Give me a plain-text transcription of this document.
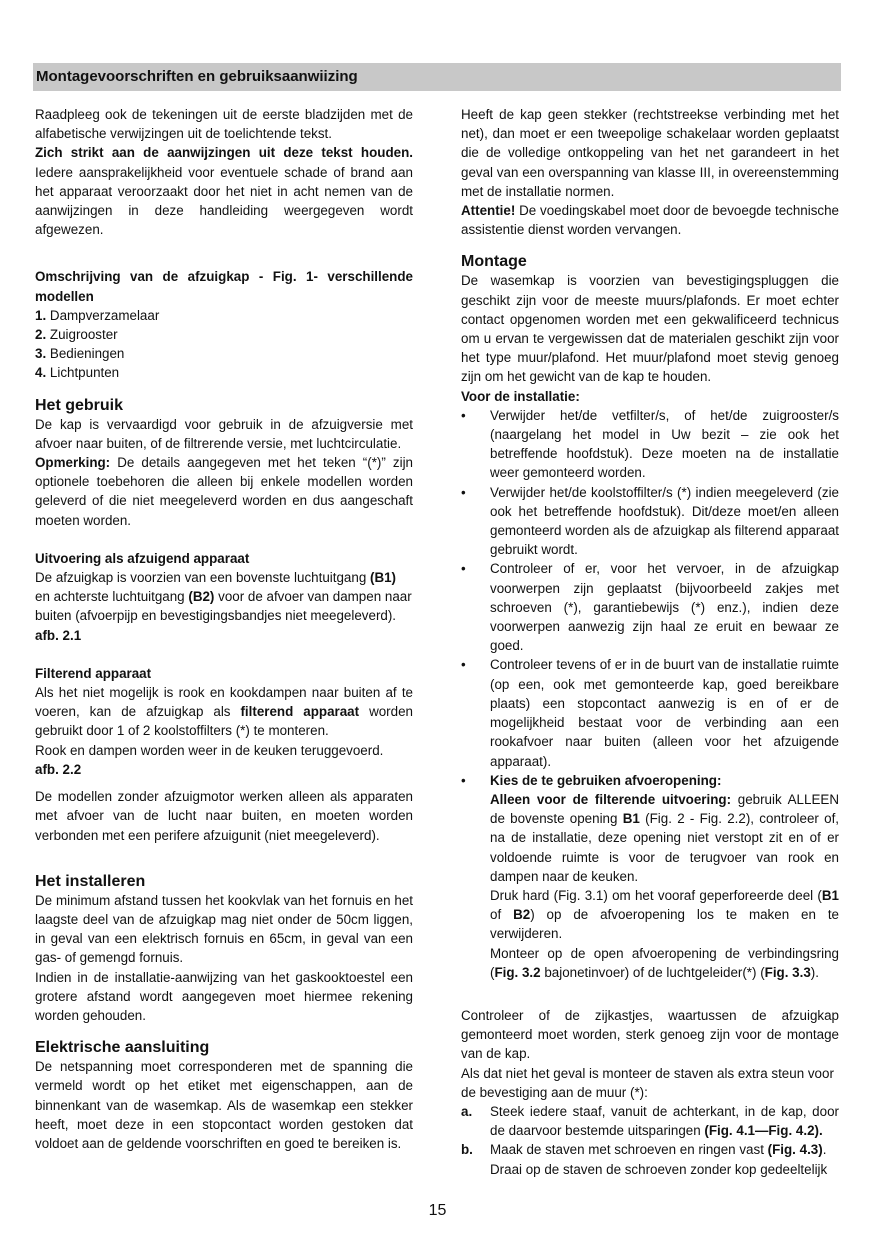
Montagevoorschriften en gebruiksaanwiizing

Raadpleeg ook de tekeningen uit de eerste bladzijden met de alfabetische verwijzingen uit de toelichtende tekst.

Zich strikt aan de aanwijzingen uit deze tekst houden. Iedere aansprakelijkheid voor eventuele schade of brand aan het apparaat veroorzaakt door het niet in acht nemen van de aanwijzingen in deze handleiding weergegeven wordt afgewezen.

Omschrijving van de afzuigkap - Fig. 1- verschillende modellen
1. Dampverzamelaar
2. Zuigrooster
3. Bedieningen
4. Lichtpunten
Het gebruik

De kap is vervaardigd voor gebruik in de afzuigversie met afvoer naar buiten, of de filtrerende versie, met luchtcirculatie.

Opmerking: De details aangegeven met het teken “(*)” zijn optionele toebehoren die alleen bij enkele modellen worden geleverd of die niet meegeleverd worden en dus aangeschaft moeten worden.

Uitvoering als afzuigend apparaat

De afzuigkap is voorzien van een bovenste luchtuitgang (B1) en achterste luchtuitgang (B2) voor de afvoer van dampen naar buiten (afvoerpijp en bevestigingsbandjes niet meegeleverd). afb. 2.1

Filterend apparaat

Als het niet mogelijk is rook en kookdampen naar buiten af te voeren, kan de afzuigkap als filterend apparaat worden gebruikt door 1 of 2 koolstoffilters (*) te monteren.

Rook en dampen worden weer in de keuken teruggevoerd.

afb. 2.2

De modellen zonder afzuigmotor werken alleen als apparaten met afvoer van de lucht naar buiten, en moeten worden verbonden met een perifere afzuigunit (niet meegeleverd).

Het installeren

De minimum afstand tussen het kookvlak van het fornuis en het laagste deel van de afzuigkap mag niet onder de 50cm liggen, in geval van een elektrisch fornuis en 65cm, in geval van een gas- of gemengd fornuis.

Indien in de installatie-aanwijzing van het gaskooktoestel een grotere afstand wordt aangegeven moet hiermee rekening worden gehouden.

Elektrische aansluiting

De netspanning moet corresponderen met de spanning die vermeld wordt op het etiket met eigenschappen, aan de binnenkant van de wasemkap. Als de wasemkap een stekker heeft, moet deze in een stopcontact worden gestoken dat voldoet aan de geldende voorschriften en goed te bereiken is.

Heeft de kap geen stekker (rechtstreekse verbinding met het net), dan moet er een tweepolige schakelaar worden geplaatst die de volledige ontkoppeling van het net garandeert in het geval van een overspanning van klasse III, in overeenstemming met de installatie normen.

Attentie! De voedingskabel moet door de bevoegde technische assistentie dienst worden vervangen.

Montage

De wasemkap is voorzien van bevestigingspluggen die geschikt zijn voor de meeste muurs/plafonds. Er moet echter contact opgenomen worden met een gekwalificeerd technicus om u ervan te vergewissen dat de materialen geschikt zijn voor het type muur/plafond. Het muur/plafond moet stevig genoeg zijn om het gewicht van de kap te houden.

Voor de installatie:

• Verwijder het/de vetfilter/s, of het/de zuigrooster/s (naargelang het model in Uw bezit – zie ook het betreffende hoofdstuk). Deze moeten na de installatie weer gemonteerd worden.
• Verwijder het/de koolstoffilter/s (*) indien meegeleverd (zie ook het betreffende hoofdstuk). Dit/deze moet/en alleen gemonteerd worden als de afzuigkap als filterend apparaat gebruikt wordt.
• Controleer of er, voor het vervoer, in de afzuigkap voorwerpen zijn geplaatst (bijvoorbeeld zakjes met schroeven (*), garantiebewijs (*) enz.), indien deze voorwerpen aanwezig zijn haal ze eruit en bewaar ze goed.
• Controleer tevens of er in de buurt van de installatie ruimte (op een, ook met gemonteerde kap, goed bereikbare plaats) een stopcontact aanwezig is en of er de mogelijkheid bestaat voor de verbinding aan een rookafvoer naar buiten (alleen voor het afzuigende apparaat).
• Kies de te gebruiken afvoeropening:
Alleen voor de filterende uitvoering: gebruik ALLEEN de bovenste opening B1 (Fig. 2 - Fig. 2.2), controleer of, na de installatie, deze opening niet verstopt zit en of er voldoende ruimte is voor de terugvoer van rook en dampen naar de keuken.
Druk hard (Fig. 3.1) om het vooraf geperforeerde deel (B1 of B2) op de afvoeropening los te maken en te verwijderen.
Monteer op de open afvoeropening de verbindingsring (Fig. 3.2 bajonetinvoer) of de luchtgeleider(*) (Fig. 3.3).

Controleer of de zijkastjes, waartussen de afzuigkap gemonteerd moet worden, sterk genoeg zijn voor de montage van de kap.

Als dat niet het geval is monteer de staven als extra steun voor de bevestiging aan de muur (*):

a. Steek iedere staaf, vanuit de achterkant, in de kap, door de daarvoor bestemde uitsparingen (Fig. 4.1—Fig. 4.2).
b. Maak de staven met schroeven en ringen vast (Fig. 4.3).
Draai op de staven de schroeven zonder kop gedeeltelijk
15
